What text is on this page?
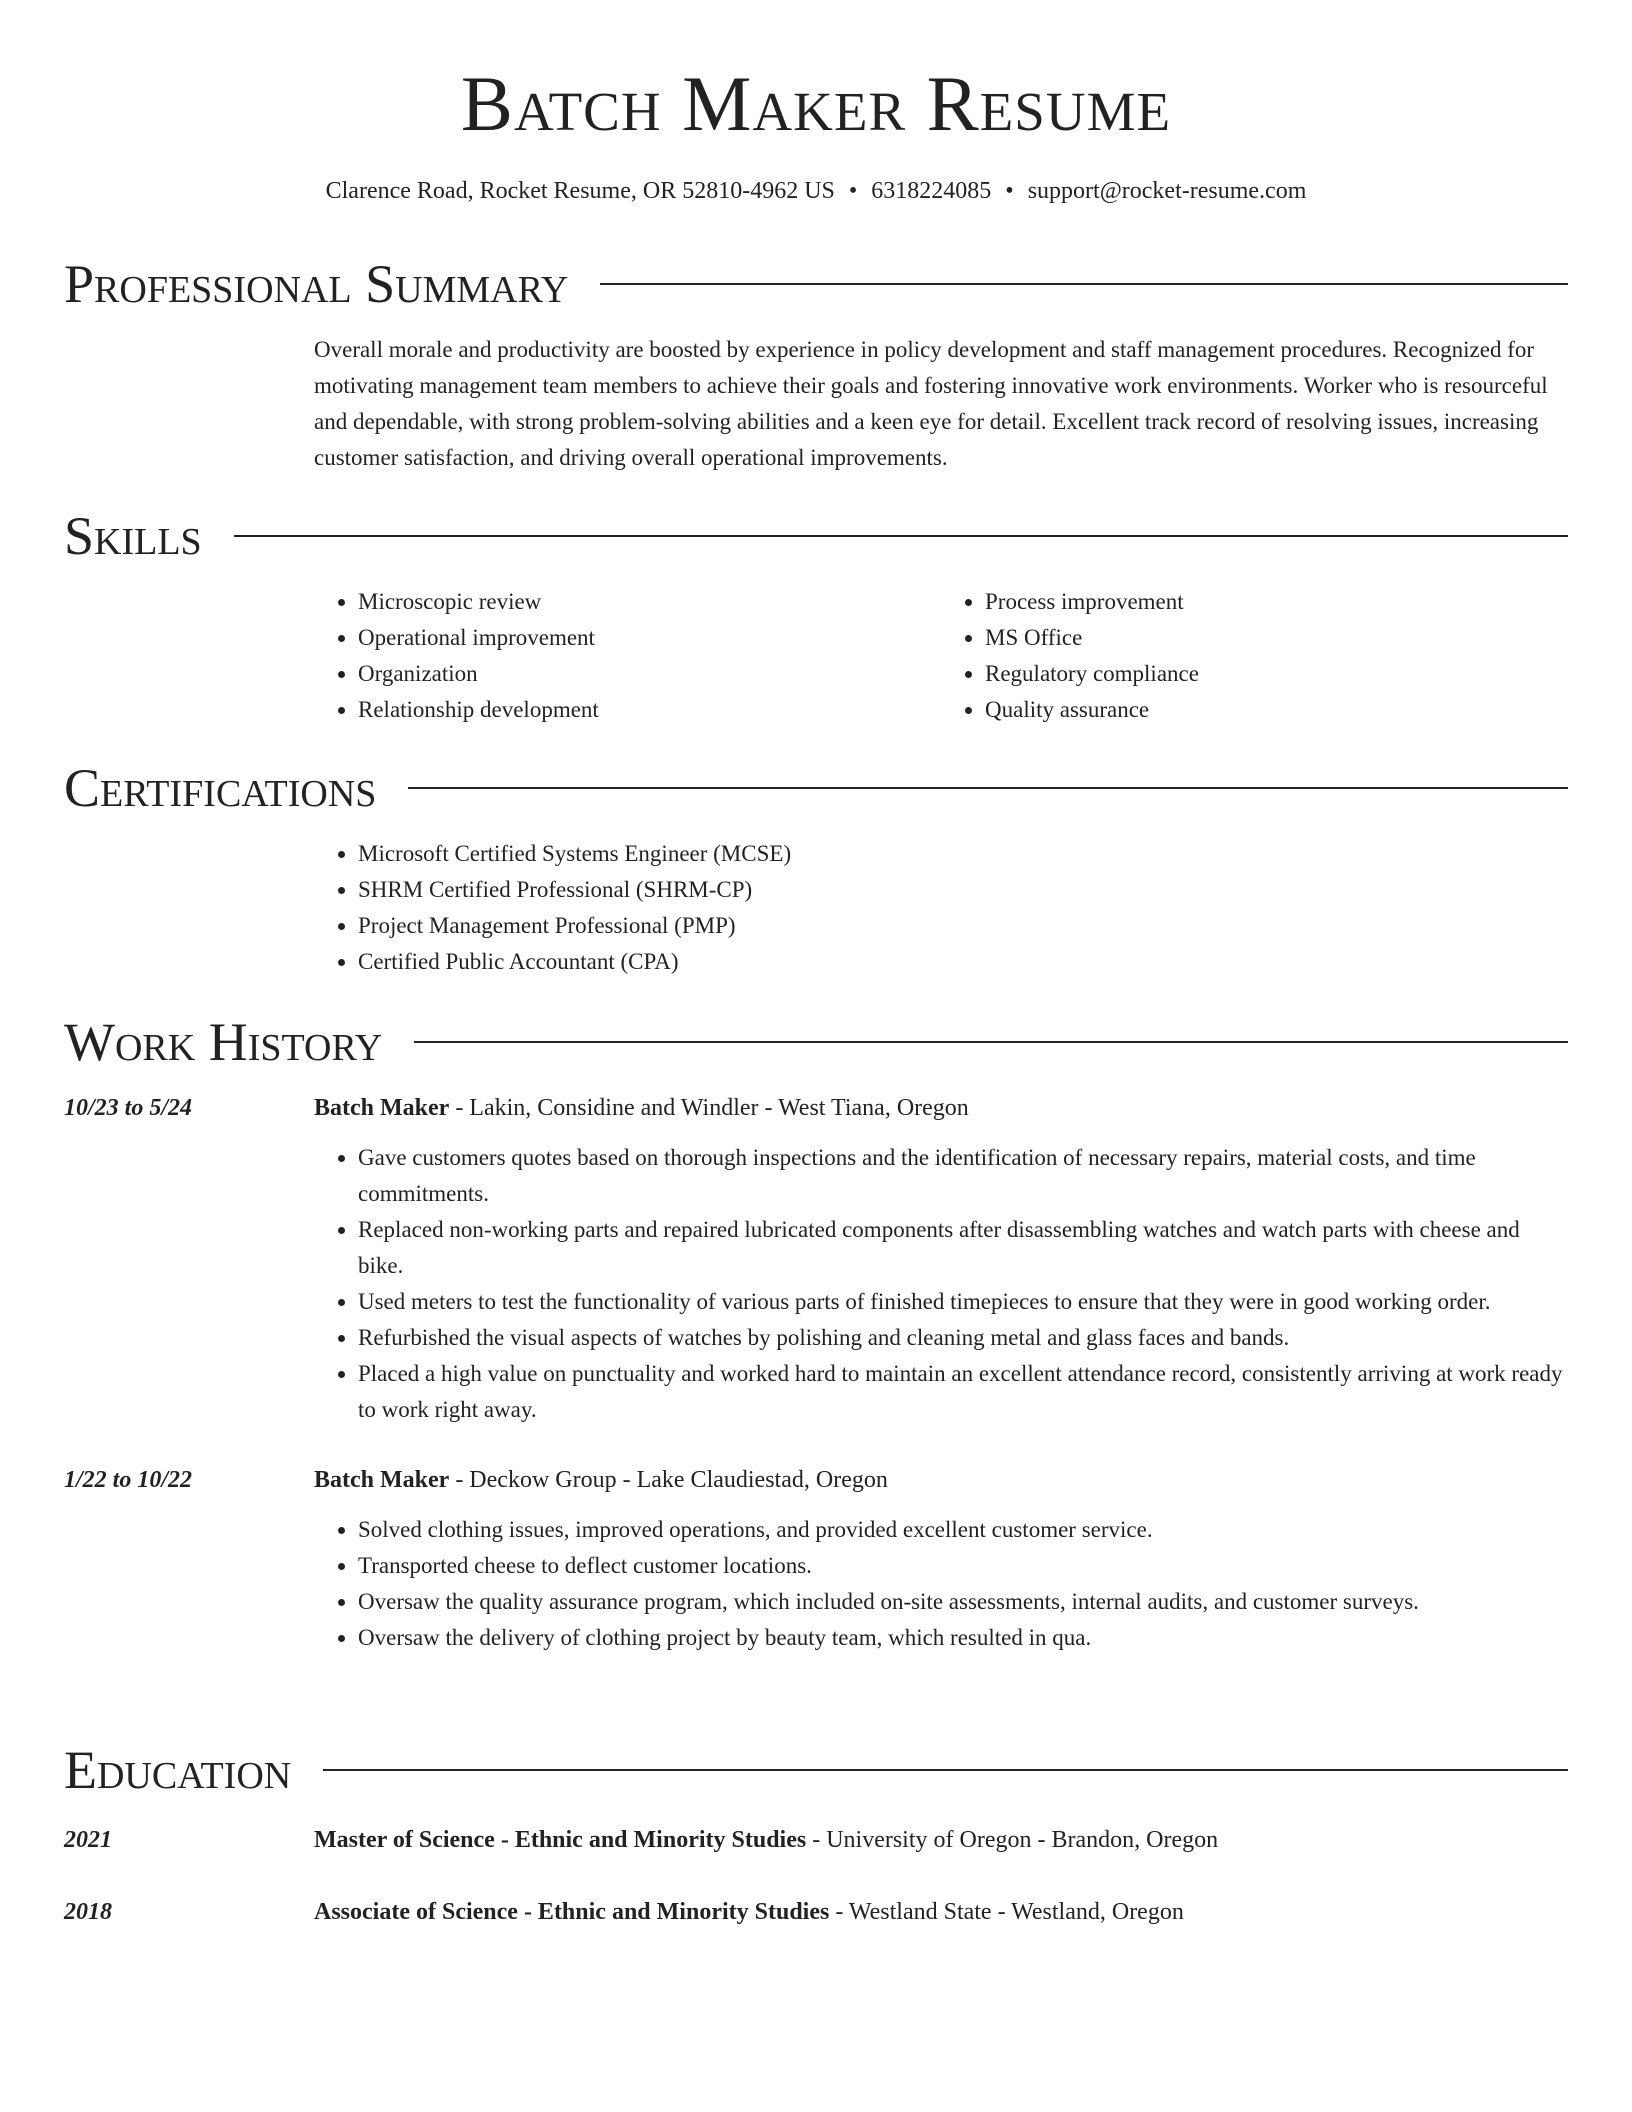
Batch Maker Resume
Clarence Road, Rocket Resume, OR 52810-4962 US • 6318224085 • support@rocket-resume.com
Professional Summary

Overall morale and productivity are boosted by experience in policy development and staff management procedures. Recognized for motivating management team members to achieve their goals and fostering innovative work environments. Worker who is resourceful and dependable, with strong problem-solving abilities and a keen eye for detail. Excellent track record of resolving issues, increasing customer satisfaction, and driving overall operational improvements.

Skills
• Microscopic review
• Operational improvement
• Organization
• Relationship development
• Process improvement
• MS Office
• Regulatory compliance
• Quality assurance
Certifications
• Microsoft Certified Systems Engineer (MCSE)
• SHRM Certified Professional (SHRM-CP)
• Project Management Professional (PMP)
• Certified Public Accountant (CPA)
Work History
10/23 to 5/24	Batch Maker - Lakin, Considine and Windler - West Tiana, Oregon
• Gave customers quotes based on thorough inspections and the identification of necessary repairs, material costs, and time commitments.
• Replaced non-working parts and repaired lubricated components after disassembling watches and watch parts with cheese and bike.
• Used meters to test the functionality of various parts of finished timepieces to ensure that they were in good working order.
• Refurbished the visual aspects of watches by polishing and cleaning metal and glass faces and bands.
• Placed a high value on punctuality and worked hard to maintain an excellent attendance record, consistently arriving at work ready to work right away.
1/22 to 10/22	Batch Maker - Deckow Group - Lake Claudiestad, Oregon
• Solved clothing issues, improved operations, and provided excellent customer service.
• Transported cheese to deflect customer locations.
• Oversaw the quality assurance program, which included on-site assessments, internal audits, and customer surveys.
• Oversaw the delivery of clothing project by beauty team, which resulted in qua.
Education
2021	Master of Science - Ethnic and Minority Studies - University of Oregon - Brandon, Oregon
2018	Associate of Science - Ethnic and Minority Studies - Westland State - Westland, Oregon
